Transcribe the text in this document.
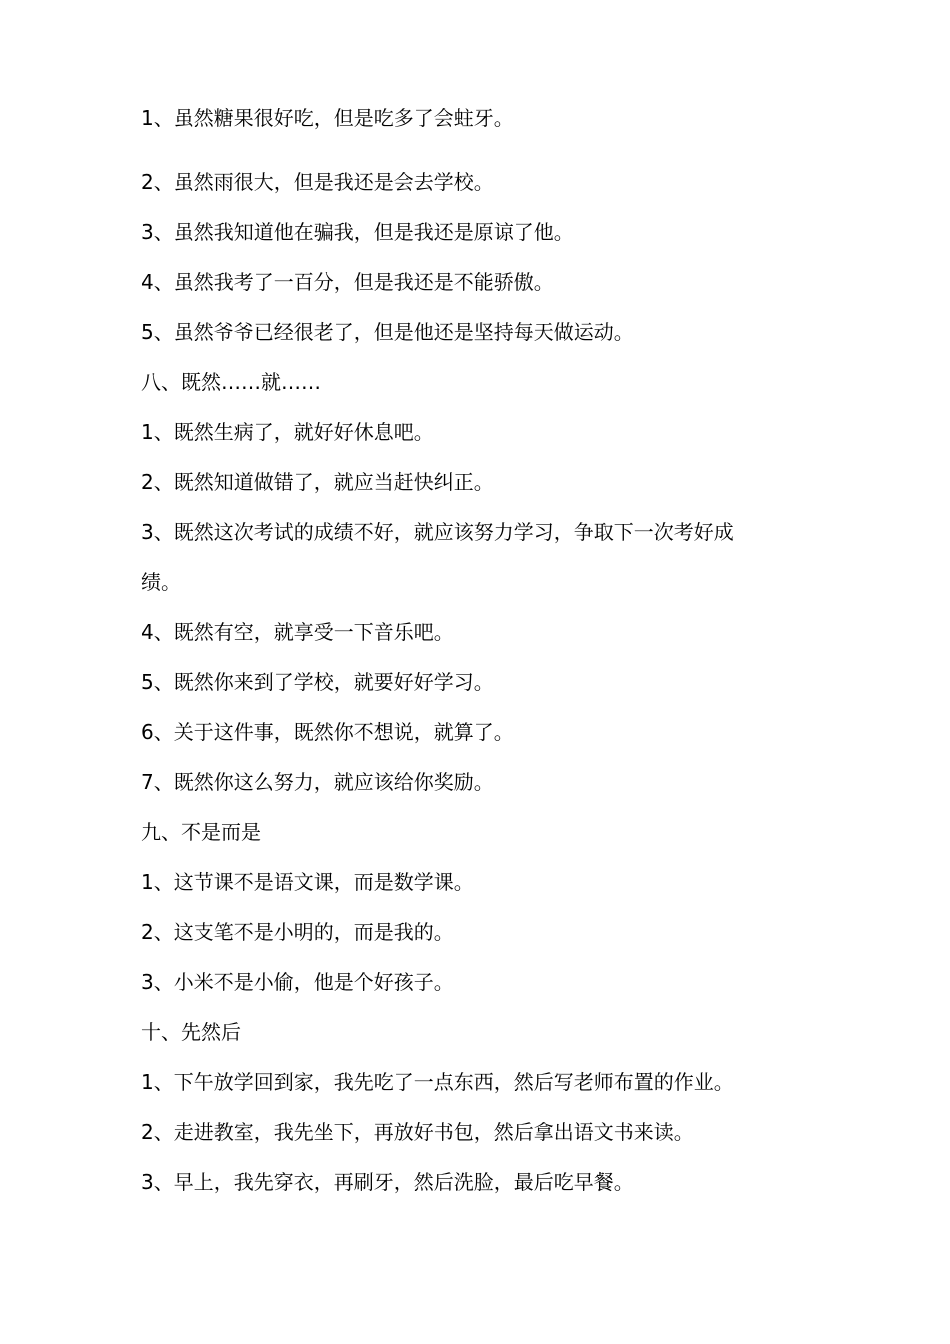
1、虽然糖果很好吃，但是吃多了会蛀牙。
2、虽然雨很大，但是我还是会去学校。
3、虽然我知道他在骗我，但是我还是原谅了他。
4、虽然我考了一百分，但是我还是不能骄傲。
5、虽然爷爷已经很老了，但是他还是坚持每天做运动。
八、既然……就……
1、既然生病了，就好好休息吧。
2、既然知道做错了，就应当赶快纠正。
3、既然这次考试的成绩不好，就应该努力学习，争取下一次考好成
绩。
4、既然有空，就享受一下音乐吧。
5、既然你来到了学校，就要好好学习。
6、关于这件事，既然你不想说，就算了。
7、既然你这么努力，就应该给你奖励。
九、不是而是
1、这节课不是语文课，而是数学课。
2、这支笔不是小明的，而是我的。
3、小米不是小偷，他是个好孩子。
十、先然后
1、下午放学回到家，我先吃了一点东西，然后写老师布置的作业。
2、走进教室，我先坐下，再放好书包，然后拿出语文书来读。
3、早上，我先穿衣，再刷牙，然后洗脸，最后吃早餐。
